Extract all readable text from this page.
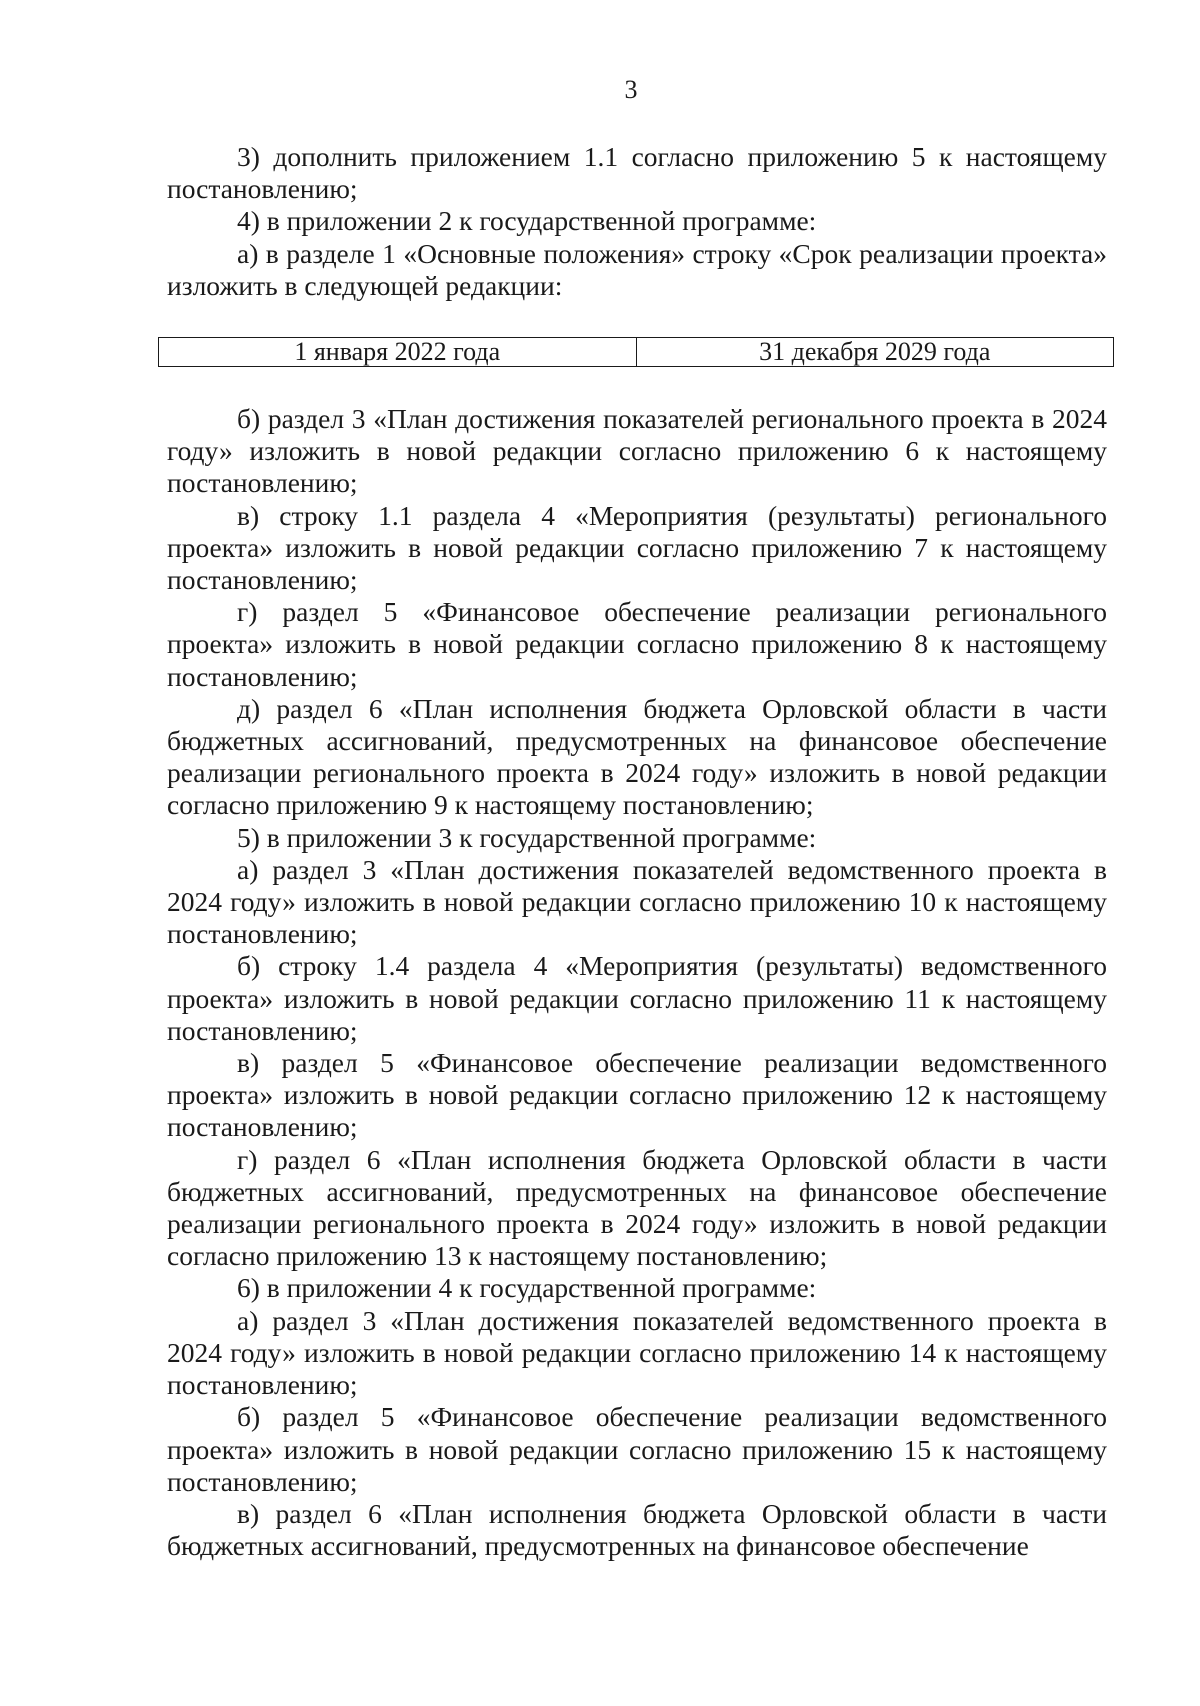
3

3) дополнить приложением 1.1 согласно приложению 5 к настоящему постановлению;

4) в приложении 2 к государственной программе:

а) в разделе 1 «Основные положения» строку «Срок реализации проекта» изложить в следующей редакции:

1 января 2022 года	31 декабря 2029 года

б) раздел 3 «План достижения показателей регионального проекта в 2024 году» изложить в новой редакции согласно приложению 6 к настоящему постановлению;

в) строку 1.1 раздела 4 «Мероприятия (результаты) регионального проекта» изложить в новой редакции согласно приложению 7 к настоящему постановлению;

г) раздел 5 «Финансовое обеспечение реализации регионального проекта» изложить в новой редакции согласно приложению 8 к настоящему постановлению;

д) раздел 6 «План исполнения бюджета Орловской области в части бюджетных ассигнований, предусмотренных на финансовое обеспечение реализации регионального проекта в 2024 году» изложить в новой редакции согласно приложению 9 к настоящему постановлению;

5) в приложении 3 к государственной программе:

а) раздел 3 «План достижения показателей ведомственного проекта в 2024 году» изложить в новой редакции согласно приложению 10 к настоящему постановлению;

б) строку 1.4 раздела 4 «Мероприятия (результаты) ведомственного проекта» изложить в новой редакции согласно приложению 11 к настоящему постановлению;

в) раздел 5 «Финансовое обеспечение реализации ведомственного проекта» изложить в новой редакции согласно приложению 12 к настоящему постановлению;

г) раздел 6 «План исполнения бюджета Орловской области в части бюджетных ассигнований, предусмотренных на финансовое обеспечение реализации регионального проекта в 2024 году» изложить в новой редакции согласно приложению 13 к настоящему постановлению;

6) в приложении 4 к государственной программе:

а) раздел 3 «План достижения показателей ведомственного проекта в 2024 году» изложить в новой редакции согласно приложению 14 к настоящему постановлению;

б) раздел 5 «Финансовое обеспечение реализации ведомственного проекта» изложить в новой редакции согласно приложению 15 к настоящему постановлению;

в) раздел 6 «План исполнения бюджета Орловской области в части бюджетных ассигнований, предусмотренных на финансовое обеспечение
